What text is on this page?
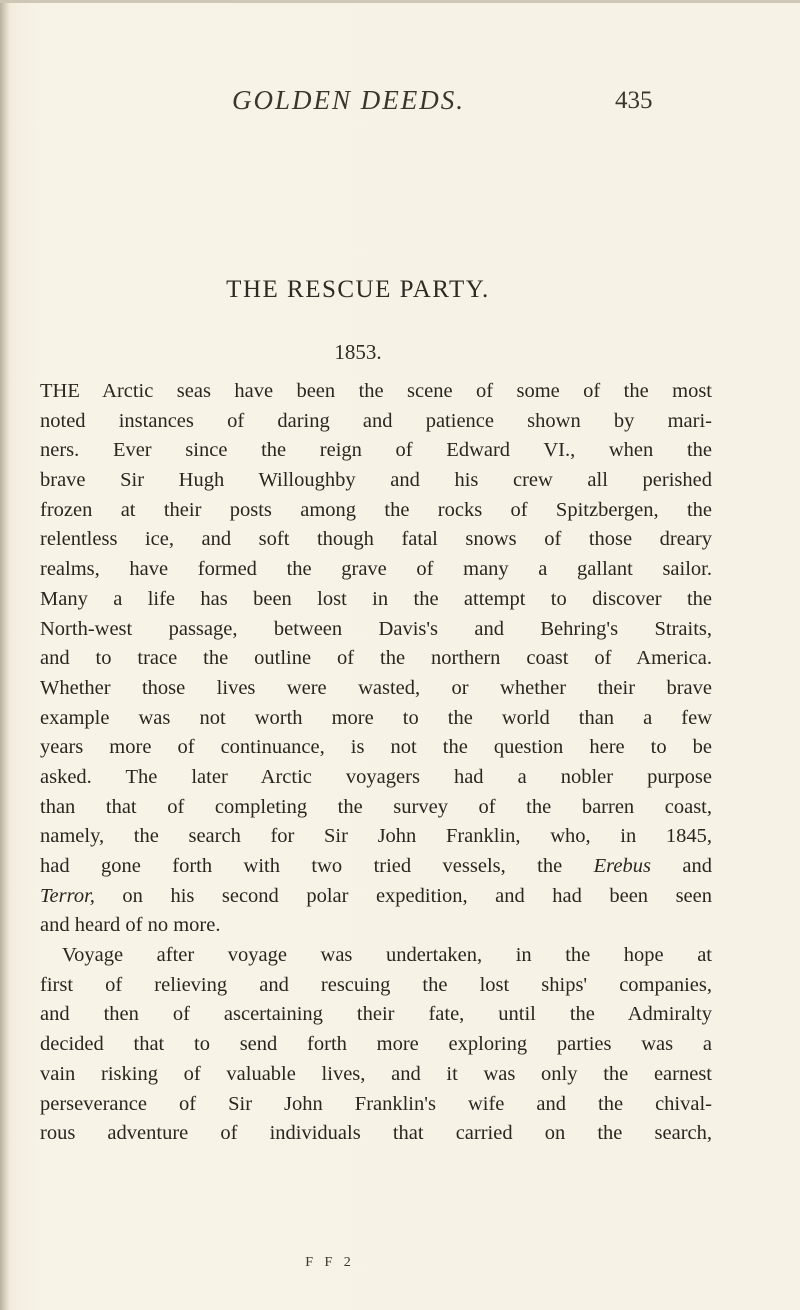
GOLDEN DEEDS.	435
THE RESCUE PARTY.
1853.
THE Arctic seas have been the scene of some of the most
noted instances of daring and patience shown by mari-
ners. Ever since the reign of Edward VI., when the
brave Sir Hugh Willoughby and his crew all perished
frozen at their posts among the rocks of Spitzbergen, the
relentless ice, and soft though fatal snows of those dreary
realms, have formed the grave of many a gallant sailor.
Many a life has been lost in the attempt to discover the
North-west passage, between Davis's and Behring's Straits,
and to trace the outline of the northern coast of America.
Whether those lives were wasted, or whether their brave
example was not worth more to the world than a few
years more of continuance, is not the question here to be
asked. The later Arctic voyagers had a nobler purpose
than that of completing the survey of the barren coast,
namely, the search for Sir John Franklin, who, in 1845,
had gone forth with two tried vessels, the Erebus and
Terror, on his second polar expedition, and had been seen
and heard of no more.
Voyage after voyage was undertaken, in the hope at
first of relieving and rescuing the lost ships' companies,
and then of ascertaining their fate, until the Admiralty
decided that to send forth more exploring parties was a
vain risking of valuable lives, and it was only the earnest
perseverance of Sir John Franklin's wife and the chival-
rous adventure of individuals that carried on the search,
F F 2
